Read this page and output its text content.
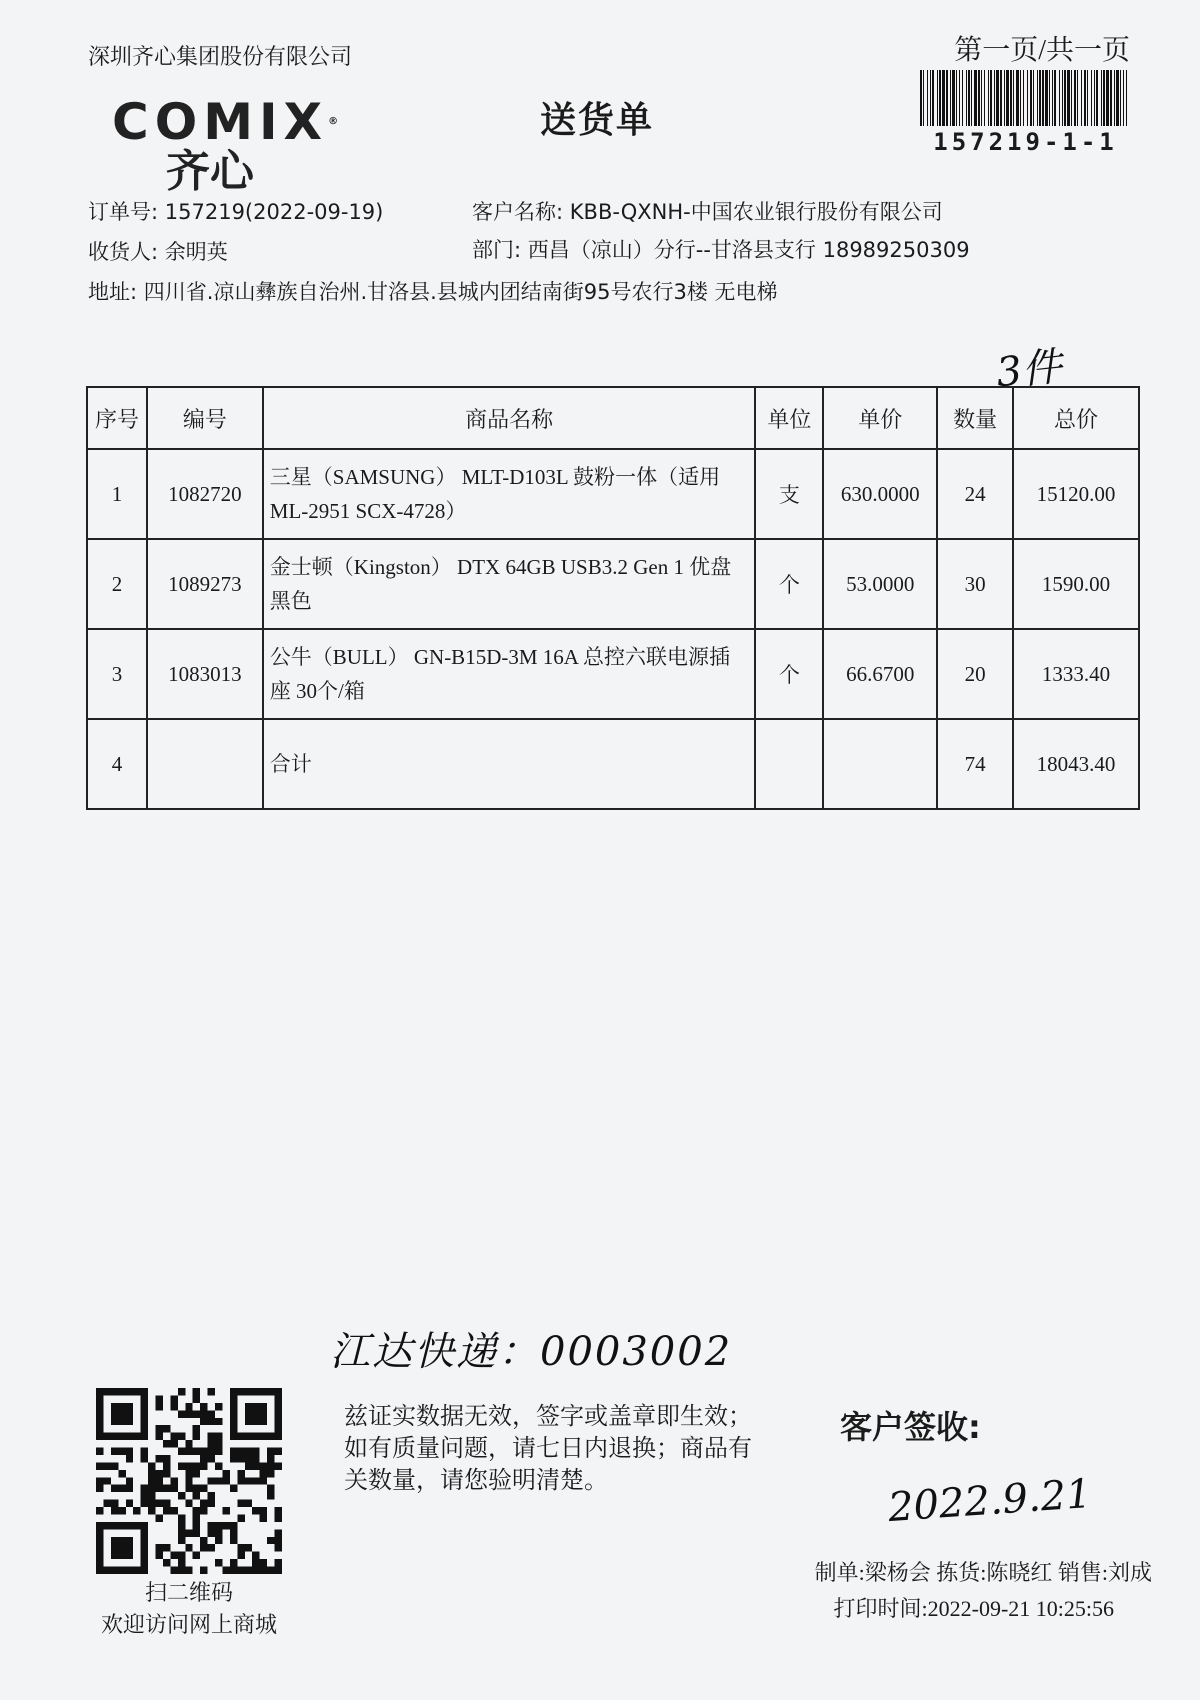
深圳齐心集团股份有限公司	第一页/共一页
157219-1-1
COMIX®
齐心
送货单
订单号: 157219(2022-09-19)	客户名称: KBB-QXNH-中国农业银行股份有限公司
收货人: 余明英	部门: 西昌（凉山）分行--甘洛县支行 18989250309
地址: 四川省.凉山彝族自治州.甘洛县.县城内团结南街95号农行3楼 无电梯
3件
序号	编号	商品名称	单位	单价	数量	总价
1	1082720	三星（SAMSUNG） MLT-D103L 鼓粉一体（适用ML-2951 SCX-4728）	支	630.0000	24	15120.00
2	1089273	金士顿（Kingston） DTX 64GB USB3.2 Gen 1 优盘 黑色	个	53.0000	30	1590.00
3	1083013	公牛（BULL） GN-B15D-3M 16A 总控六联电源插座 30个/箱	个	66.6700	20	1333.40
4		合计			74	18043.40
江达快递：0003002
扫二维码
欢迎访问网上商城
兹证实数据无效，签字或盖章即生效；如有质量问题，请七日内退换；商品有关数量，请您验明清楚。
客户签收:
2022.9.21
制单:梁杨会 拣货:陈晓红 销售:刘成
打印时间:2022-09-21 10:25:56
